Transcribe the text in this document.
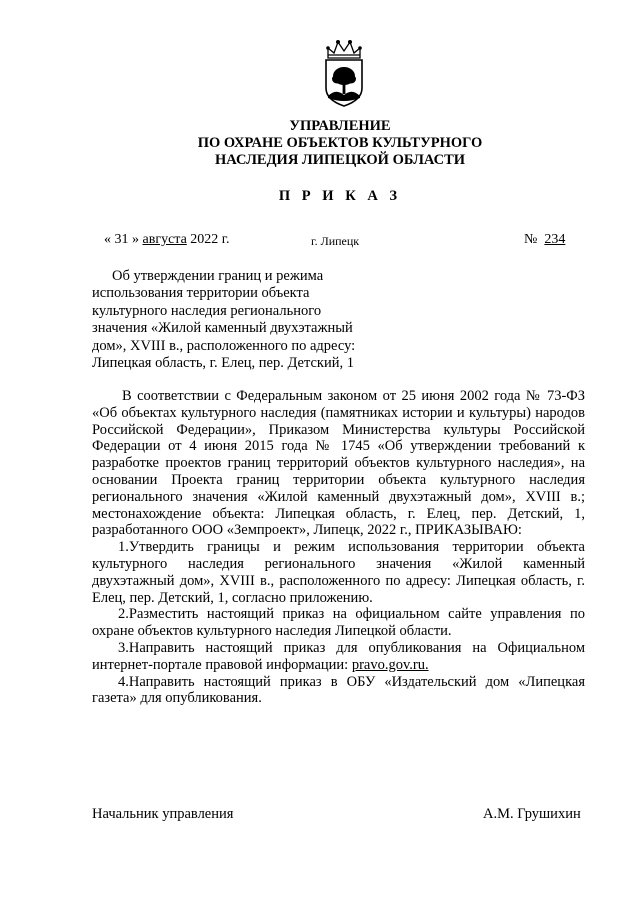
УПРАВЛЕНИЕ
ПО ОХРАНЕ ОБЪЕКТОВ КУЛЬТУРНОГО
НАСЛЕДИЯ ЛИПЕЦКОЙ ОБЛАСТИ
П Р И К А З
« 31 » августа 2022 г.	г. Липецк	№ 234
Об утверждении границ и режима
использования территории объекта
культурного наследия регионального
значения «Жилой каменный двухэтажный
дом», XVIII в., расположенного по адресу:
Липецкая область, г. Елец, пер. Детский, 1

В соответствии с Федеральным законом от 25 июня 2002 года № 73-ФЗ «Об объектах культурного наследия (памятниках истории и культуры) народов Российской Федерации», Приказом Министерства культуры Российской Федерации от 4 июня 2015 года № 1745 «Об утверждении требований к разработке проектов границ территорий объектов культурного наследия», на основании Проекта границ территории объекта культурного наследия регионального значения «Жилой каменный двухэтажный дом», XVIII в.; местонахождение объекта: Липецкая область, г. Елец, пер. Детский, 1, разработанного ООО «Земпроект», Липецк, 2022 г., ПРИКАЗЫВАЮ:

1.Утвердить границы и режим использования территории объекта культурного наследия регионального значения «Жилой каменный двухэтажный дом», XVIII в., расположенного по адресу: Липецкая область, г. Елец, пер. Детский, 1, согласно приложению.

2.Разместить настоящий приказ на официальном сайте управления по охране объектов культурного наследия Липецкой области.

3.Направить настоящий приказ для опубликования на Официальном интернет-портале правовой информации: pravo.gov.ru.

4.Направить настоящий приказ в ОБУ «Издательский дом «Липецкая газета» для опубликования.

Начальник управления	А.М. Грушихин
